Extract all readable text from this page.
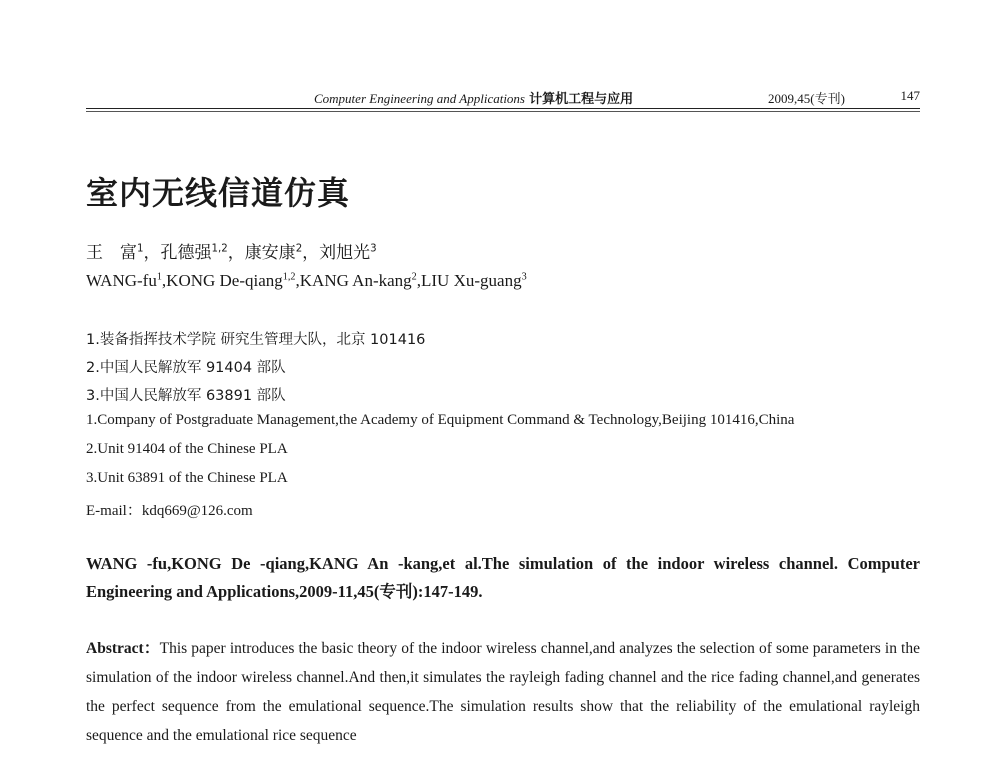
Computer Engineering and Applications 计算机工程与应用	2009,45(专刊)	147
室内无线信道仿真
王　富$^1$，孔德强$^{1,2}$，康安康$^2$，刘旭光$^3$
WANG-$fu^1,KONG$ De-qiang$^{1,2}$,KANG An-kang$^2$,LIU Xu-guang$^3$
1.装备指挥技术学院 研究生管理大队，北京 101416
2.中国人民解放军 91404 部队
3.中国人民解放军 63891 部队
1.Company of Postgraduate Management,the Academy of Equipment Command & Technology,Beijing 101416,China
2.Unit 91404 of the Chinese PLA
3.Unit 63891 of the Chinese PLA
E-mail：kdq669@126.com
WANG -fu,KONG De -qiang,KANG An -kang,et al.The simulation of the indoor wireless channel. Computer Engineering and Applications,2009-11,45(专刊):147-149.
Abstract：This paper introduces the basic theory of the indoor wireless channel,and analyzes the selection of some parameters in the simulation of the indoor wireless channel.And then,it simulates the rayleigh fading channel and the rice fading channel,and generates the perfect sequence from the emulational sequence.The simulation results show that the reliability of the emulational rayleigh sequence and the emulational rice sequence
